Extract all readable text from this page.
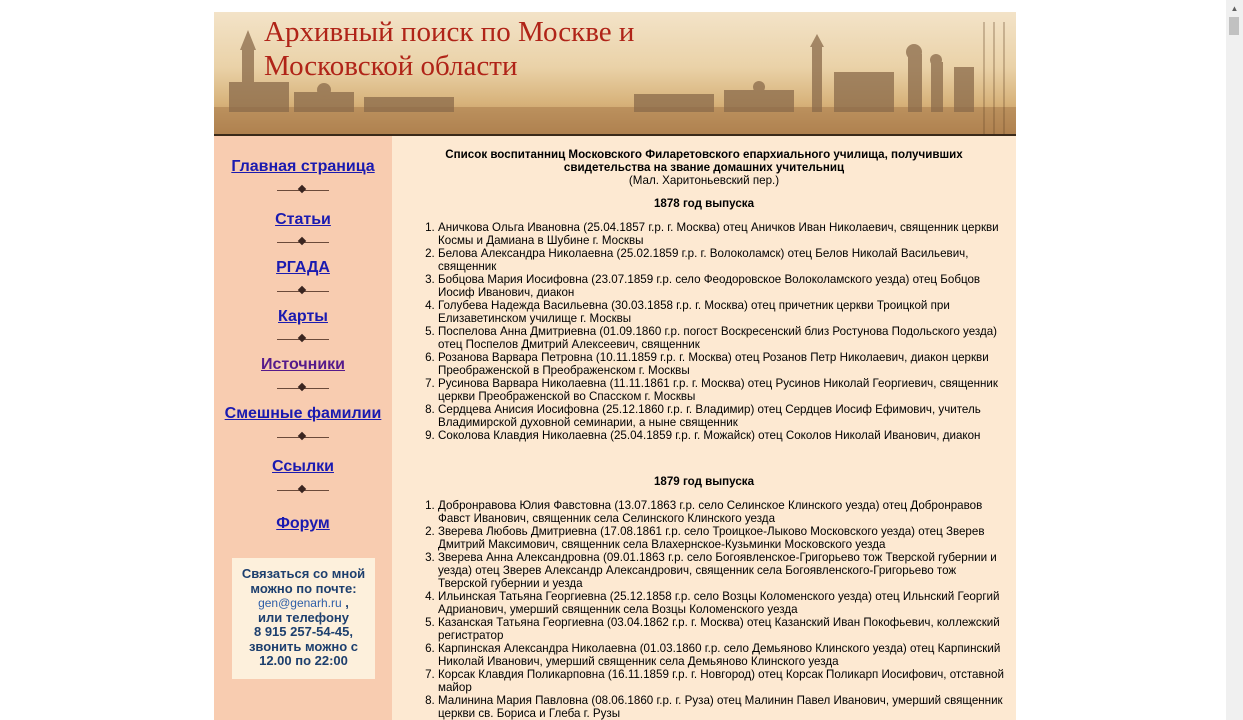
Архивный поиск по Москве и
Московской области
Главная страница
Статьи
РГАДА
Карты
Источники
Смешные фамилии
Ссылки
Форум
Связаться со мной
можно по почте:
gen@genarh.ru ,
или телефону
8 915 257-54-45,
звонить можно с
12.00 по 22:00
Список воспитанниц Московского Филаретовского епархиального училища, получивших свидетельства на звание домашних учительниц
(Мал. Харитоньевский пер.)
1878 год выпуска
1. Аничкова Ольга Ивановна (25.04.1857 г.р. г. Москва) отец Аничков Иван Николаевич, священник церкви Космы и Дамиана в Шубине г. Москвы
2. Белова Александра Николаевна (25.02.1859 г.р. г. Волоколамск) отец Белов Николай Васильевич, священник
3. Бобцова Мария Иосифовна (23.07.1859 г.р. село Феодоровское Волоколамского уезда) отец Бобцов Иосиф Иванович, диакон
4. Голубева Надежда Васильевна (30.03.1858 г.р. г. Москва) отец причетник церкви Троицкой при Елизаветинском училище г. Москвы
5. Поспелова Анна Дмитриевна (01.09.1860 г.р. погост Воскресенский близ Ростунова Подольского уезда) отец Поспелов Дмитрий Алексеевич, священник
6. Розанова Варвара Петровна (10.11.1859 г.р. г. Москва) отец Розанов Петр Николаевич, диакон церкви Преображенской в Преображенском г. Москвы
7. Русинова Варвара Николаевна (11.11.1861 г.р. г. Москва) отец Русинов Николай Георгиевич, священник церкви Преображенской во Спасском г. Москвы
8. Сердцева Анисия Иосифовна (25.12.1860 г.р. г. Владимир) отец Сердцев Иосиф Ефимович, учитель Владимирской духовной семинарии, а ныне священник
9. Соколова Клавдия Николаевна (25.04.1859 г.р. г. Можайск) отец Соколов Николай Иванович, диакон
1879 год выпуска
1. Добронравова Юлия Фавстовна (13.07.1863 г.р. село Селинское Клинского уезда) отец Добронравов Фавст Иванович, священник села Селинского Клинского уезда
2. Зверева Любовь Дмитриевна (17.08.1861 г.р. село Троицкое-Лыково Московского уезда) отец Зверев Дмитрий Максимович, священник села Влахернское-Кузьминки Московского уезда
3. Зверева Анна Александровна (09.01.1863 г.р. село Богоявленское-Григорьево тож Тверской губернии и уезда) отец Зверев Александр Александрович, священник села Богоявленского-Григорьево тож Тверской губернии и уезда
4. Ильинская Татьяна Георгиевна (25.12.1858 г.р. село Возцы Коломенского уезда) отец Ильнский Георгий Адрианович, умерший священник села Возцы Коломенского уезда
5. Казанская Татьяна Георгиевна (03.04.1862 г.р. г. Москва) отец Казанский Иван Покофьевич, коллежский регистратор
6. Карпинская Александра Николаевна (01.03.1860 г.р. село Демьяново Клинского уезда) отец Карпинский Николай Иванович, умерший священник села Демьяново Клинского уезда
7. Корсак Клавдия Поликарповна (16.11.1859 г.р. г. Новгород) отец Корсак Поликарп Иосифович, отставной майор
8. Малинина Мария Павловна (08.06.1860 г.р. г. Руза) отец Малинин Павел Иванович, умерший священник церкви св. Бориса и Глеба г. Рузы
▲
